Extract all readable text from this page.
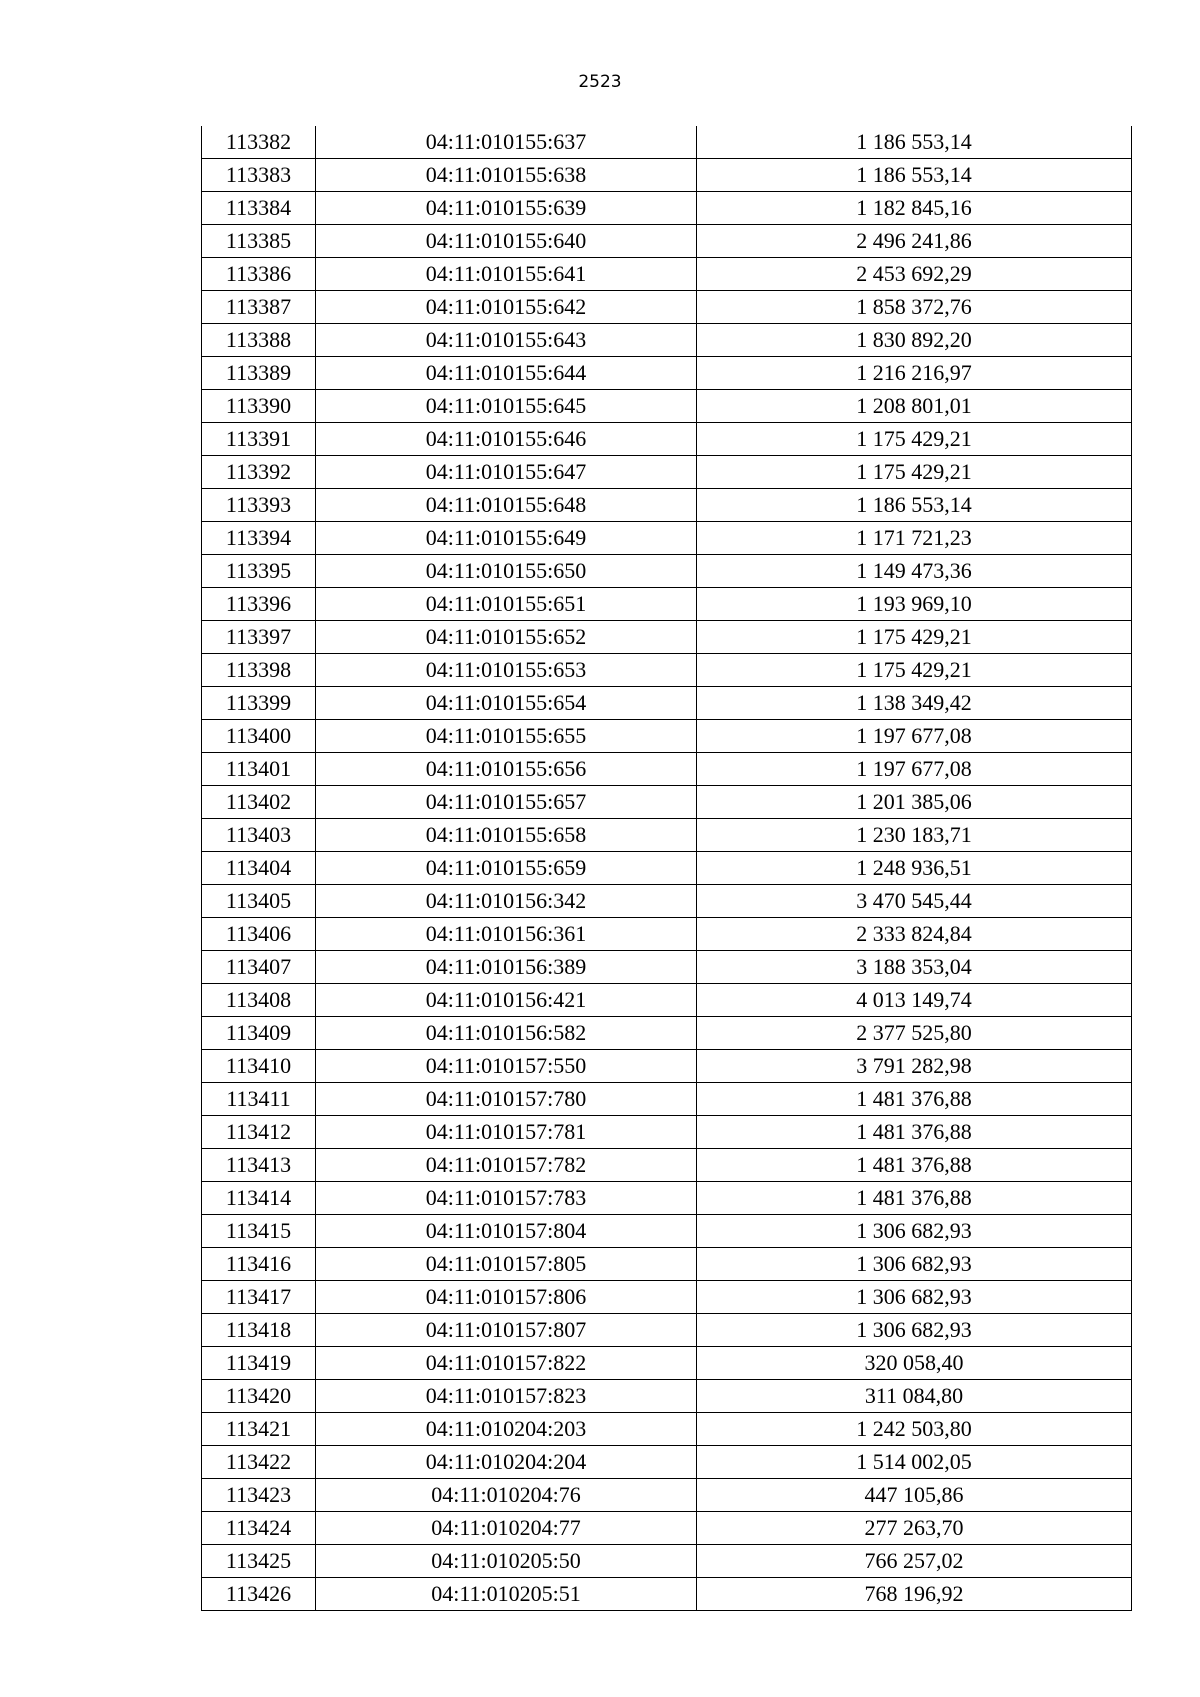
2523
113382	04:11:010155:637	1 186 553,14
113383	04:11:010155:638	1 186 553,14
113384	04:11:010155:639	1 182 845,16
113385	04:11:010155:640	2 496 241,86
113386	04:11:010155:641	2 453 692,29
113387	04:11:010155:642	1 858 372,76
113388	04:11:010155:643	1 830 892,20
113389	04:11:010155:644	1 216 216,97
113390	04:11:010155:645	1 208 801,01
113391	04:11:010155:646	1 175 429,21
113392	04:11:010155:647	1 175 429,21
113393	04:11:010155:648	1 186 553,14
113394	04:11:010155:649	1 171 721,23
113395	04:11:010155:650	1 149 473,36
113396	04:11:010155:651	1 193 969,10
113397	04:11:010155:652	1 175 429,21
113398	04:11:010155:653	1 175 429,21
113399	04:11:010155:654	1 138 349,42
113400	04:11:010155:655	1 197 677,08
113401	04:11:010155:656	1 197 677,08
113402	04:11:010155:657	1 201 385,06
113403	04:11:010155:658	1 230 183,71
113404	04:11:010155:659	1 248 936,51
113405	04:11:010156:342	3 470 545,44
113406	04:11:010156:361	2 333 824,84
113407	04:11:010156:389	3 188 353,04
113408	04:11:010156:421	4 013 149,74
113409	04:11:010156:582	2 377 525,80
113410	04:11:010157:550	3 791 282,98
113411	04:11:010157:780	1 481 376,88
113412	04:11:010157:781	1 481 376,88
113413	04:11:010157:782	1 481 376,88
113414	04:11:010157:783	1 481 376,88
113415	04:11:010157:804	1 306 682,93
113416	04:11:010157:805	1 306 682,93
113417	04:11:010157:806	1 306 682,93
113418	04:11:010157:807	1 306 682,93
113419	04:11:010157:822	320 058,40
113420	04:11:010157:823	311 084,80
113421	04:11:010204:203	1 242 503,80
113422	04:11:010204:204	1 514 002,05
113423	04:11:010204:76	447 105,86
113424	04:11:010204:77	277 263,70
113425	04:11:010205:50	766 257,02
113426	04:11:010205:51	768 196,92
